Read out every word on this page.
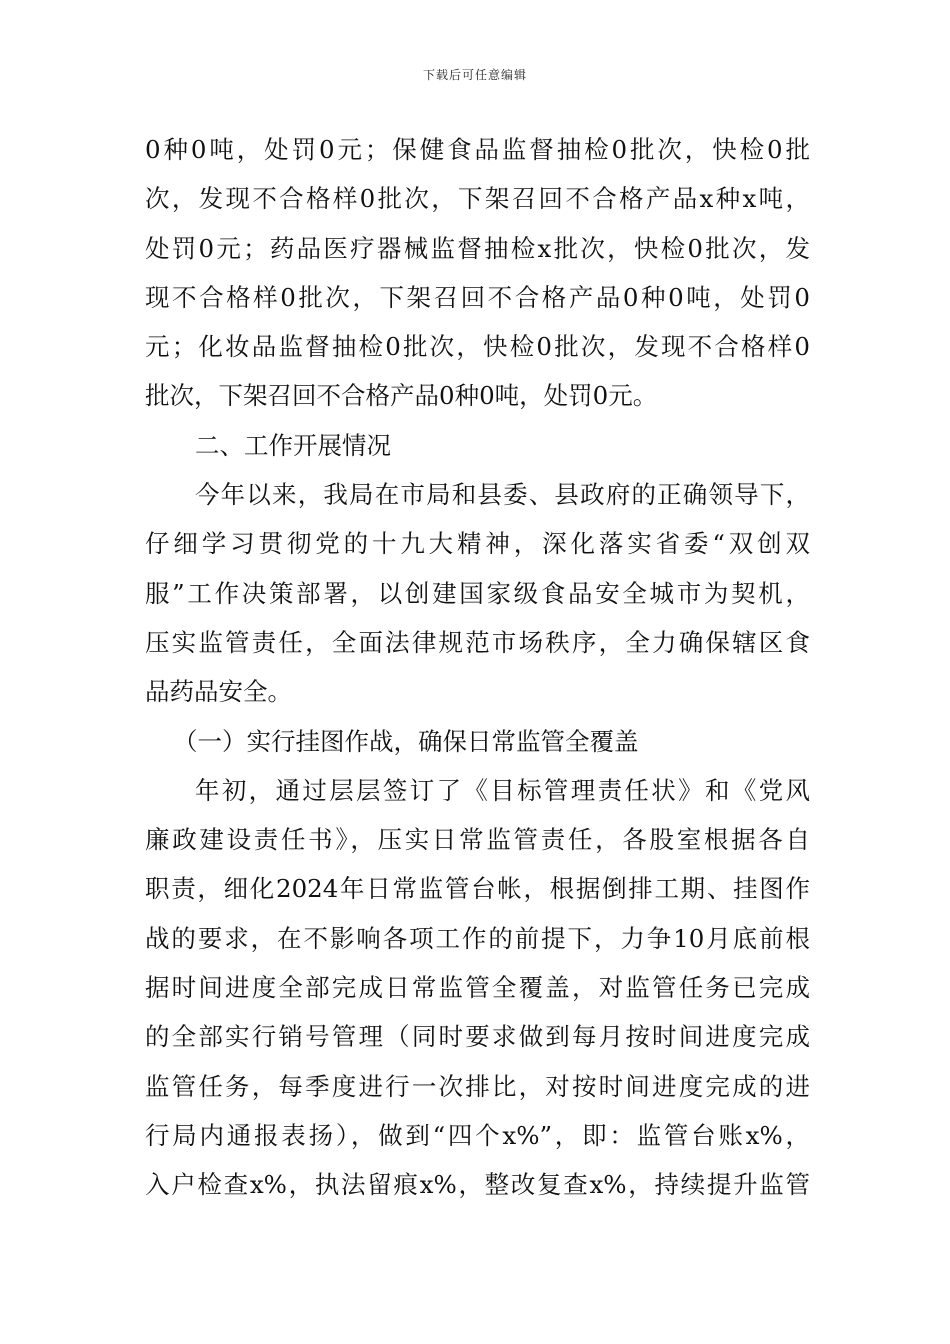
下载后可任意编辑
0种0吨，处罚0元；保健食品监督抽检0批次，快检0批
次，发现不合格样0批次，下架召回不合格产品x种x吨，
处罚0元；药品医疗器械监督抽检x批次，快检0批次，发
现不合格样0批次，下架召回不合格产品0种0吨，处罚0
元；化妆品监督抽检0批次，快检0批次，发现不合格样0
批次，下架召回不合格产品0种0吨，处罚0元。
二、工作开展情况
今年以来，我局在市局和县委、县政府的正确领导下，
仔细学习贯彻党的十九大精神，深化落实省委“双创双
服”工作决策部署，以创建国家级食品安全城市为契机，
压实监管责任，全面法律规范市场秩序，全力确保辖区食
品药品安全。
（一）实行挂图作战，确保日常监管全覆盖
年初，通过层层签订了《目标管理责任状》和《党风
廉政建设责任书》，压实日常监管责任，各股室根据各自
职责，细化2024年日常监管台帐，根据倒排工期、挂图作
战的要求，在不影响各项工作的前提下，力争10月底前根
据时间进度全部完成日常监管全覆盖，对监管任务已完成
的全部实行销号管理（同时要求做到每月按时间进度完成
监管任务，每季度进行一次排比，对按时间进度完成的进
行局内通报表扬），做到“四个x%”，即：监管台账x%，
入户检查x%，执法留痕x%，整改复查x%，持续提升监管
